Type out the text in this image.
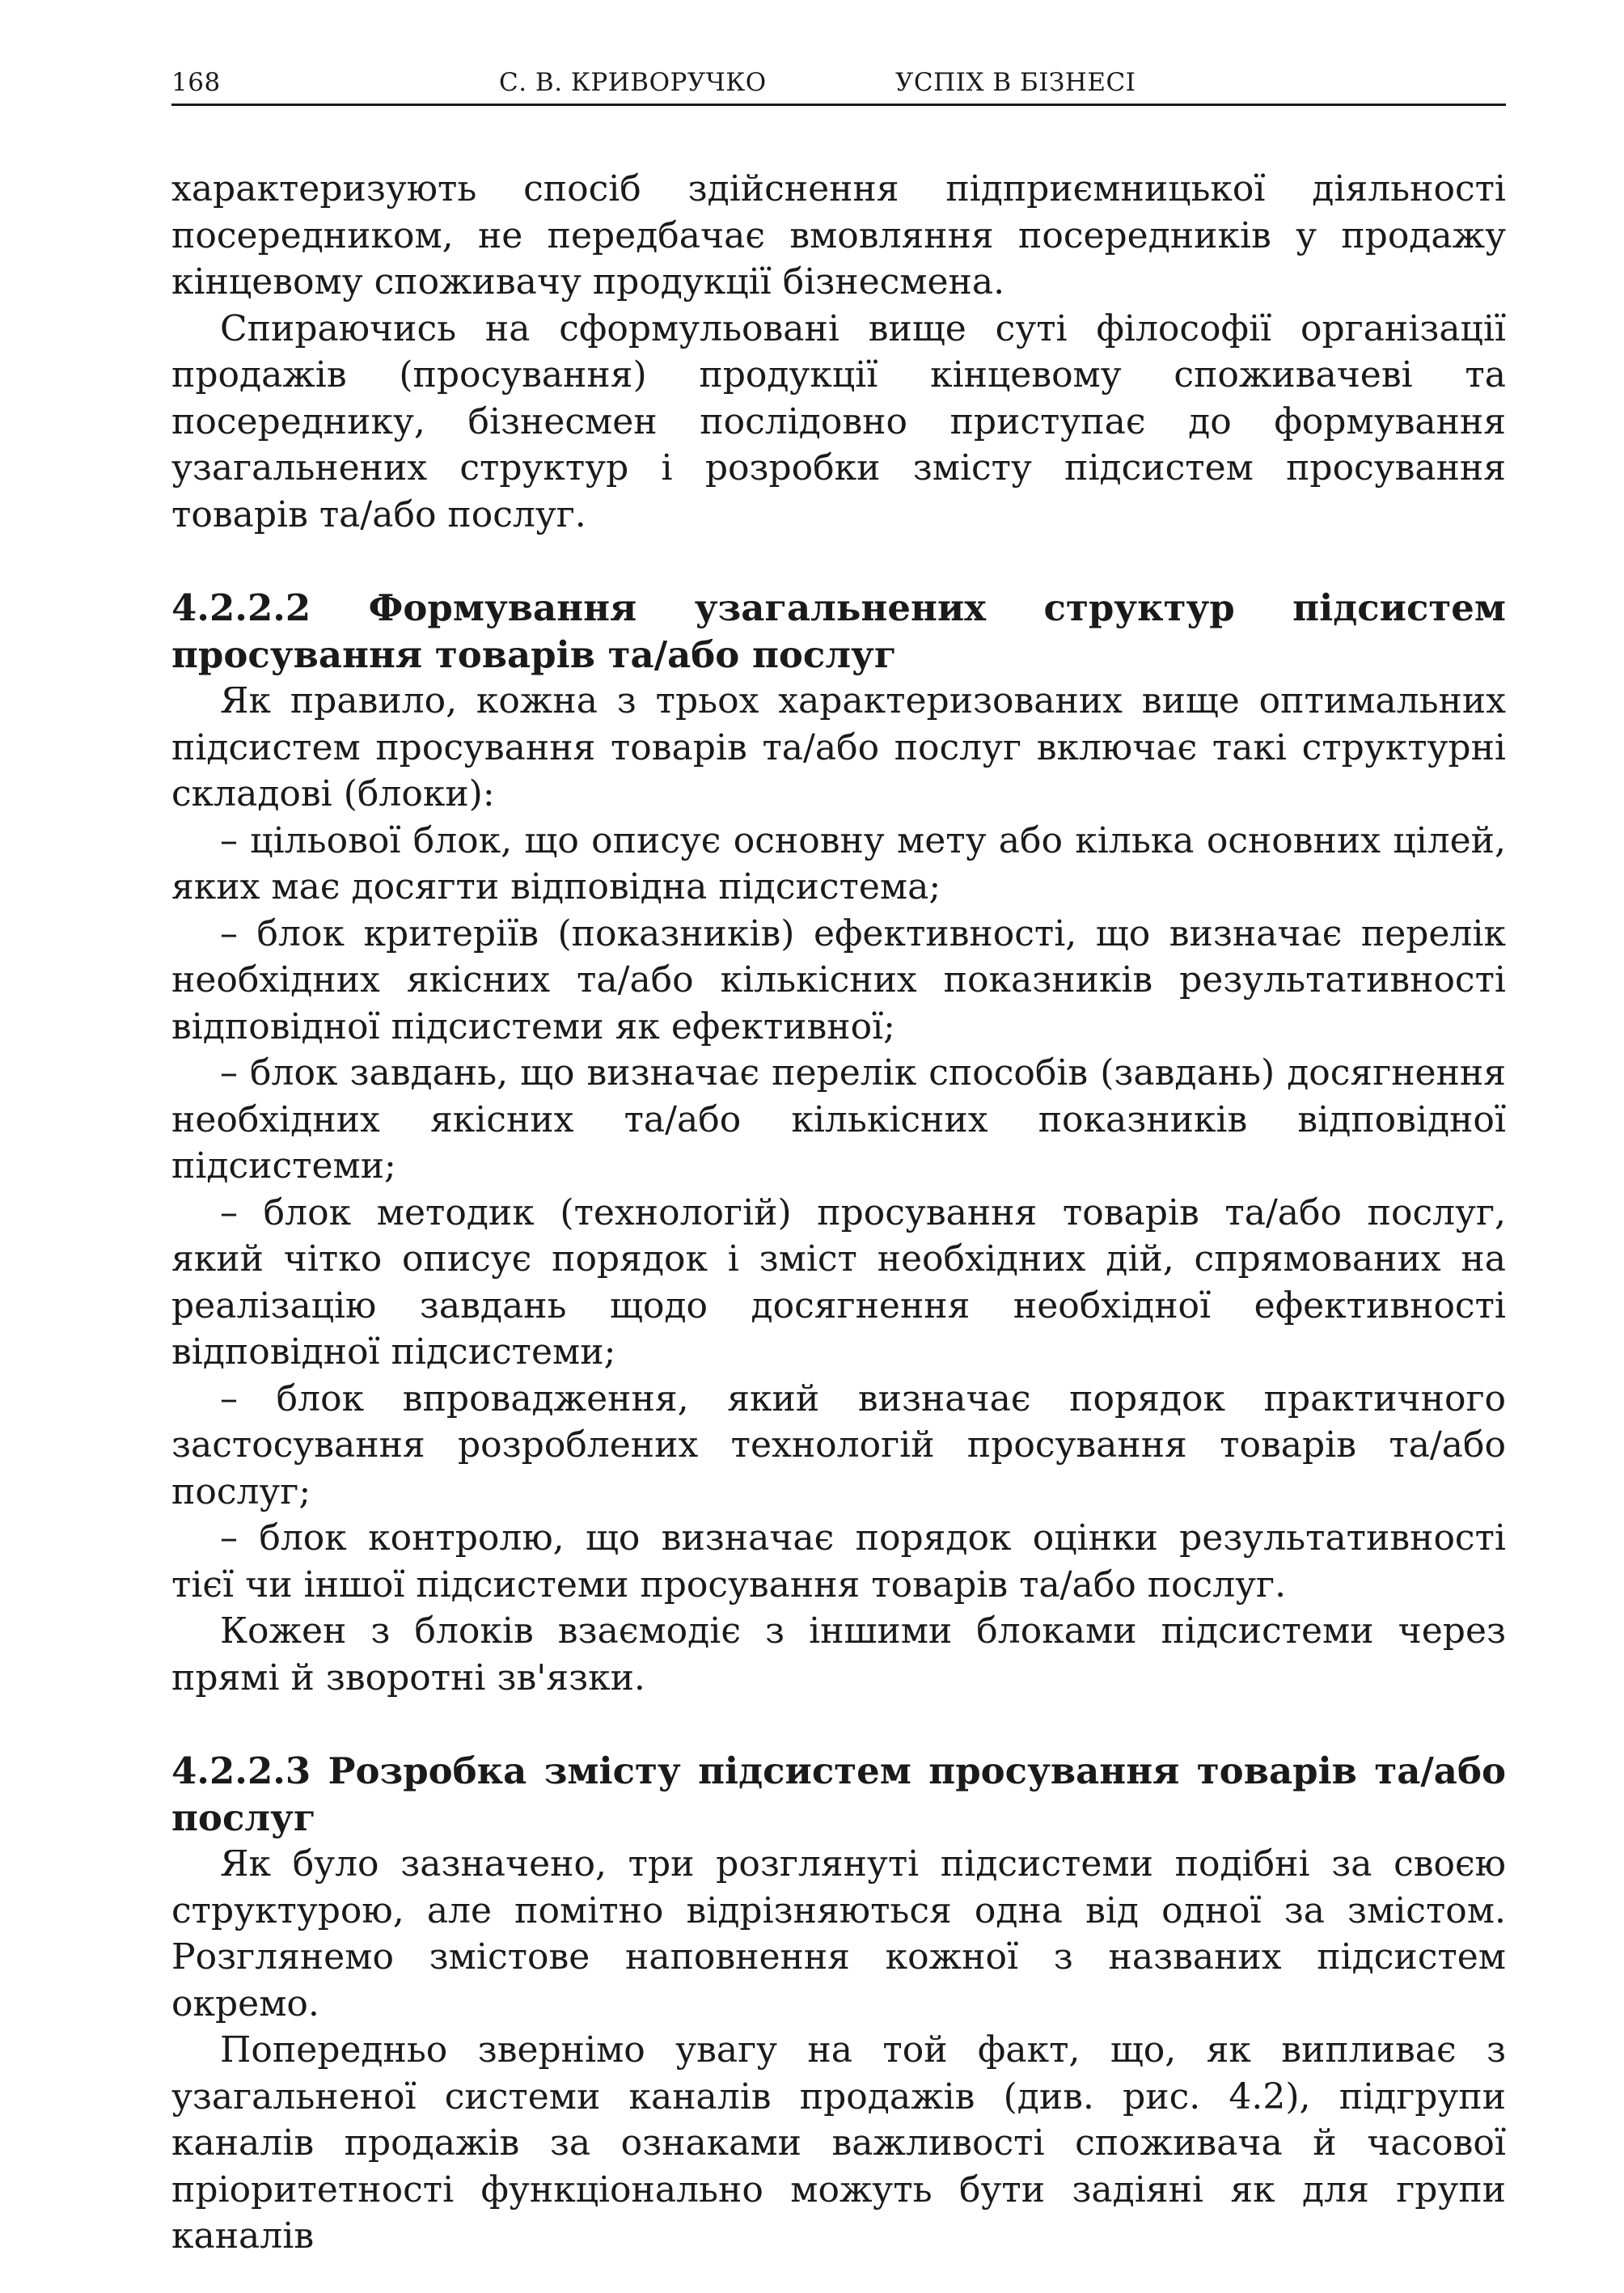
168	С. В. КРИВОРУЧКО	УСПІХ В БІЗНЕСІ

характеризують спосіб здійснення підприємницької діяльності посередником, не передбачає вмовляння посередників у продажу кінцевому споживачу продукції бізнесмена.

Спираючись на сформульовані вище суті філософії організації продажів (просування) продукції кінцевому споживачеві та посереднику, бізнесмен послідовно приступає до формування узагальнених структур і розробки змісту підсистем просування товарів та/або послуг.

4.2.2.2 Формування узагальнених структур підсистем просування товарів та/або послуг

Як правило, кожна з трьох характеризованих вище оптимальних підсистем просування товарів та/або послуг включає такі структурні складові (блоки):

– цільової блок, що описує основну мету або кілька основних цілей, яких має досягти відповідна підсистема;

– блок критеріїв (показників) ефективності, що визначає перелік необхідних якісних та/або кількісних показників результативності відповідної підсистеми як ефективної;

– блок завдань, що визначає перелік способів (завдань) досягнення необхідних якісних та/або кількісних показників відповідної підсистеми;

– блок методик (технологій) просування товарів та/або послуг, який чітко описує порядок і зміст необхідних дій, спрямованих на реалізацію завдань щодо досягнення необхідної ефективності відповідної підсистеми;

– блок впровадження, який визначає порядок практичного застосування розроблених технологій просування товарів та/або послуг;

– блок контролю, що визначає порядок оцінки результативності тієї чи іншої підсистеми просування товарів та/або послуг.

Кожен з блоків взаємодіє з іншими блоками підсистеми через прямі й зворотні зв'язки.

4.2.2.3 Розробка змісту підсистем просування товарів та/або послуг

Як було зазначено, три розглянуті підсистеми подібні за своєю структурою, але помітно відрізняються одна від одної за змістом. Розглянемо змістове наповнення кожної з названих підсистем окремо.

Попередньо звернімо увагу на той факт, що, як випливає з узагальненої системи каналів продажів (див. рис. 4.2), підгрупи каналів продажів за ознаками важливості споживача й часової пріоритетності функціонально можуть бути задіяні як для групи каналів
